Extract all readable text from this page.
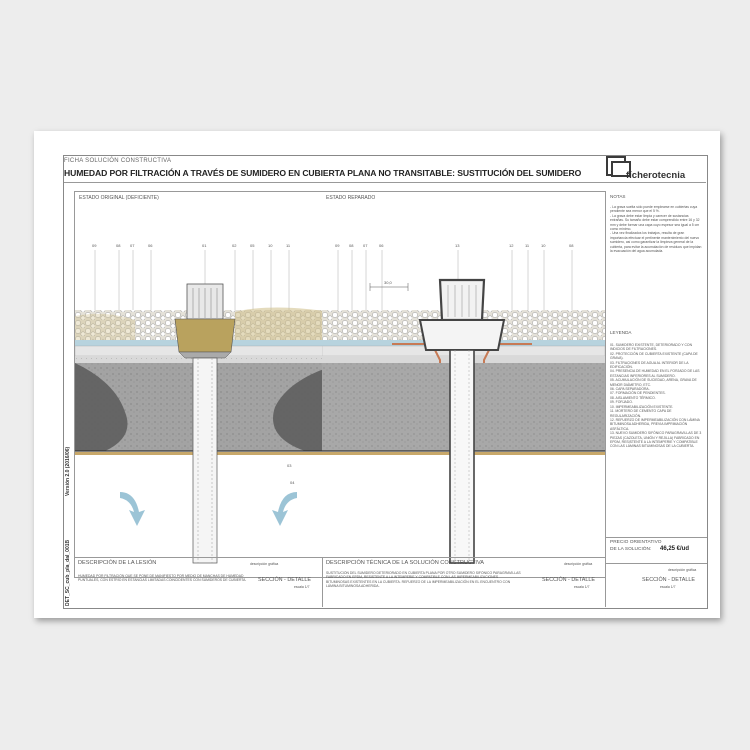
FICHA SOLUCIÓN CONSTRUCTIVA
HUMEDAD POR FILTRACIÓN A TRAVÉS DE SUMIDERO EN CUBIERTA PLANA NO TRANSITABLE: SUSTITUCIÓN DEL SUMIDERO	fícherotecnia
DET_SC_cub_pla_dal_001B
Versión 2.0 (2016/06)
ESTADO ORIGINAL (DEFICIENTE)
09	08 07	06	01	02	05	10	11
03
04
ESTADO REPARADO
09 08 07	06	13	12	11	10	08
30,0
NOTAS
- La grava suelta sólo puede emplearse en cubiertas cuya pendiente sea menor que el 5 %.
- La grava debe estar limpia y carecer de sustancias extrañas. Su tamaño debe estar comprendido entre 16 y 32 mm y debe formar una capa cuyo espesor sea igual a 5 cm como mínimo.
- Una vez finalizados los trabajos, resulta de gran importancia efectuar el pertinente mantenimiento del nuevo sumidero, así como garantizar la limpieza general de la cubierta, para evitar la acumulación de residuos que impidan la evacuación del agua acumulada.
LEYENDA
01. SUMIDERO EXISTENTE, DETERIORADO Y CON INDICIOS DE FILTRACIONES.
02. PROTECCIÓN DE CUBIERTA EXISTENTE (CAPA DE GRAVA).
03. FILTRACIONES DE AGUA AL INTERIOR DE LA EDIFICACIÓN.
04. PRESENCIA DE HUMEDAD EN EL FORJADO DE LAS ESTANCIAS INFERIORES AL SUMIDERO.
05. ACUMULACIÓN DE SUCIEDAD, ARENA, GRAVA DE MENOR DIÁMETRO, ETC.
06. CAPA SEPARADORA.
07. FORMACIÓN DE PENDIENTES.
08. AISLAMIENTO TÉRMICO.
09. FORJADO.
10. IMPERMEABILIZACIÓN EXISTENTE.
11. MORTERO DE CEMENTO CAPA DE REGULARIZACIÓN.
12. REFUERZO DE IMPERMEABILIZACIÓN CON LÁMINA BITUMINOSA ADHERIDA, PREVIA IMPRIMACIÓN ASFÁLTICA.
13. NUEVO SUMIDERO SIFÓNICO PARAGRAVILLAS DE 3 PIEZAS (CAZOLETA, UNIÓN Y REJILLA) FABRICADO EN EPDM, RESISTENTE A LA INTEMPERIE Y COMPATIBLE CON LAS LÁMINAS BITUMINOSAS DE LA CUBIERTA.
PRECIO ORIENTATIVO
DE LA SOLUCIÓN: 46,25 €/ud
descripción gráfica
SECCIÓN - DETALLE
escala 1/7
DESCRIPCIÓN DE LA LESIÓN	descripción gráfica
HUMEDAD POR FILTRACIÓN QUE SE PONE DE MANIFIESTO POR MEDIO DE MANCHAS DE HUMEDAD PUNTUALES, CON ESTRÍO EN ESTANCIAS LIMITADAS COINCIDENTES CON SUMIDEROS DE CUBIERTA.	SECCIÓN - DETALLE
escala 1/7
DESCRIPCIÓN TÉCNICA DE LA SOLUCIÓN CONSTRUCTIVA	descripción gráfica
SUSTITUCIÓN DEL SUMIDERO DETERIORADO EN CUBIERTA PLANA POR OTRO SUMIDERO SIFÓNICO PARAGRAVILLAS FABRICADO EN EPDM, RESISTENTE A LA INTEMPERIE Y COMPATIBLE CON LAS IMPERMEABILIZACIONES BITUMINOSAS EXISTENTES EN LA CUBIERTA. REFUERZO DE LA IMPERMEABILIZACIÓN EN EL ENCUENTRO CON LÁMINA BITUMINOSA ADHERIDA.
SECCIÓN - DETALLE
escala 1/7
